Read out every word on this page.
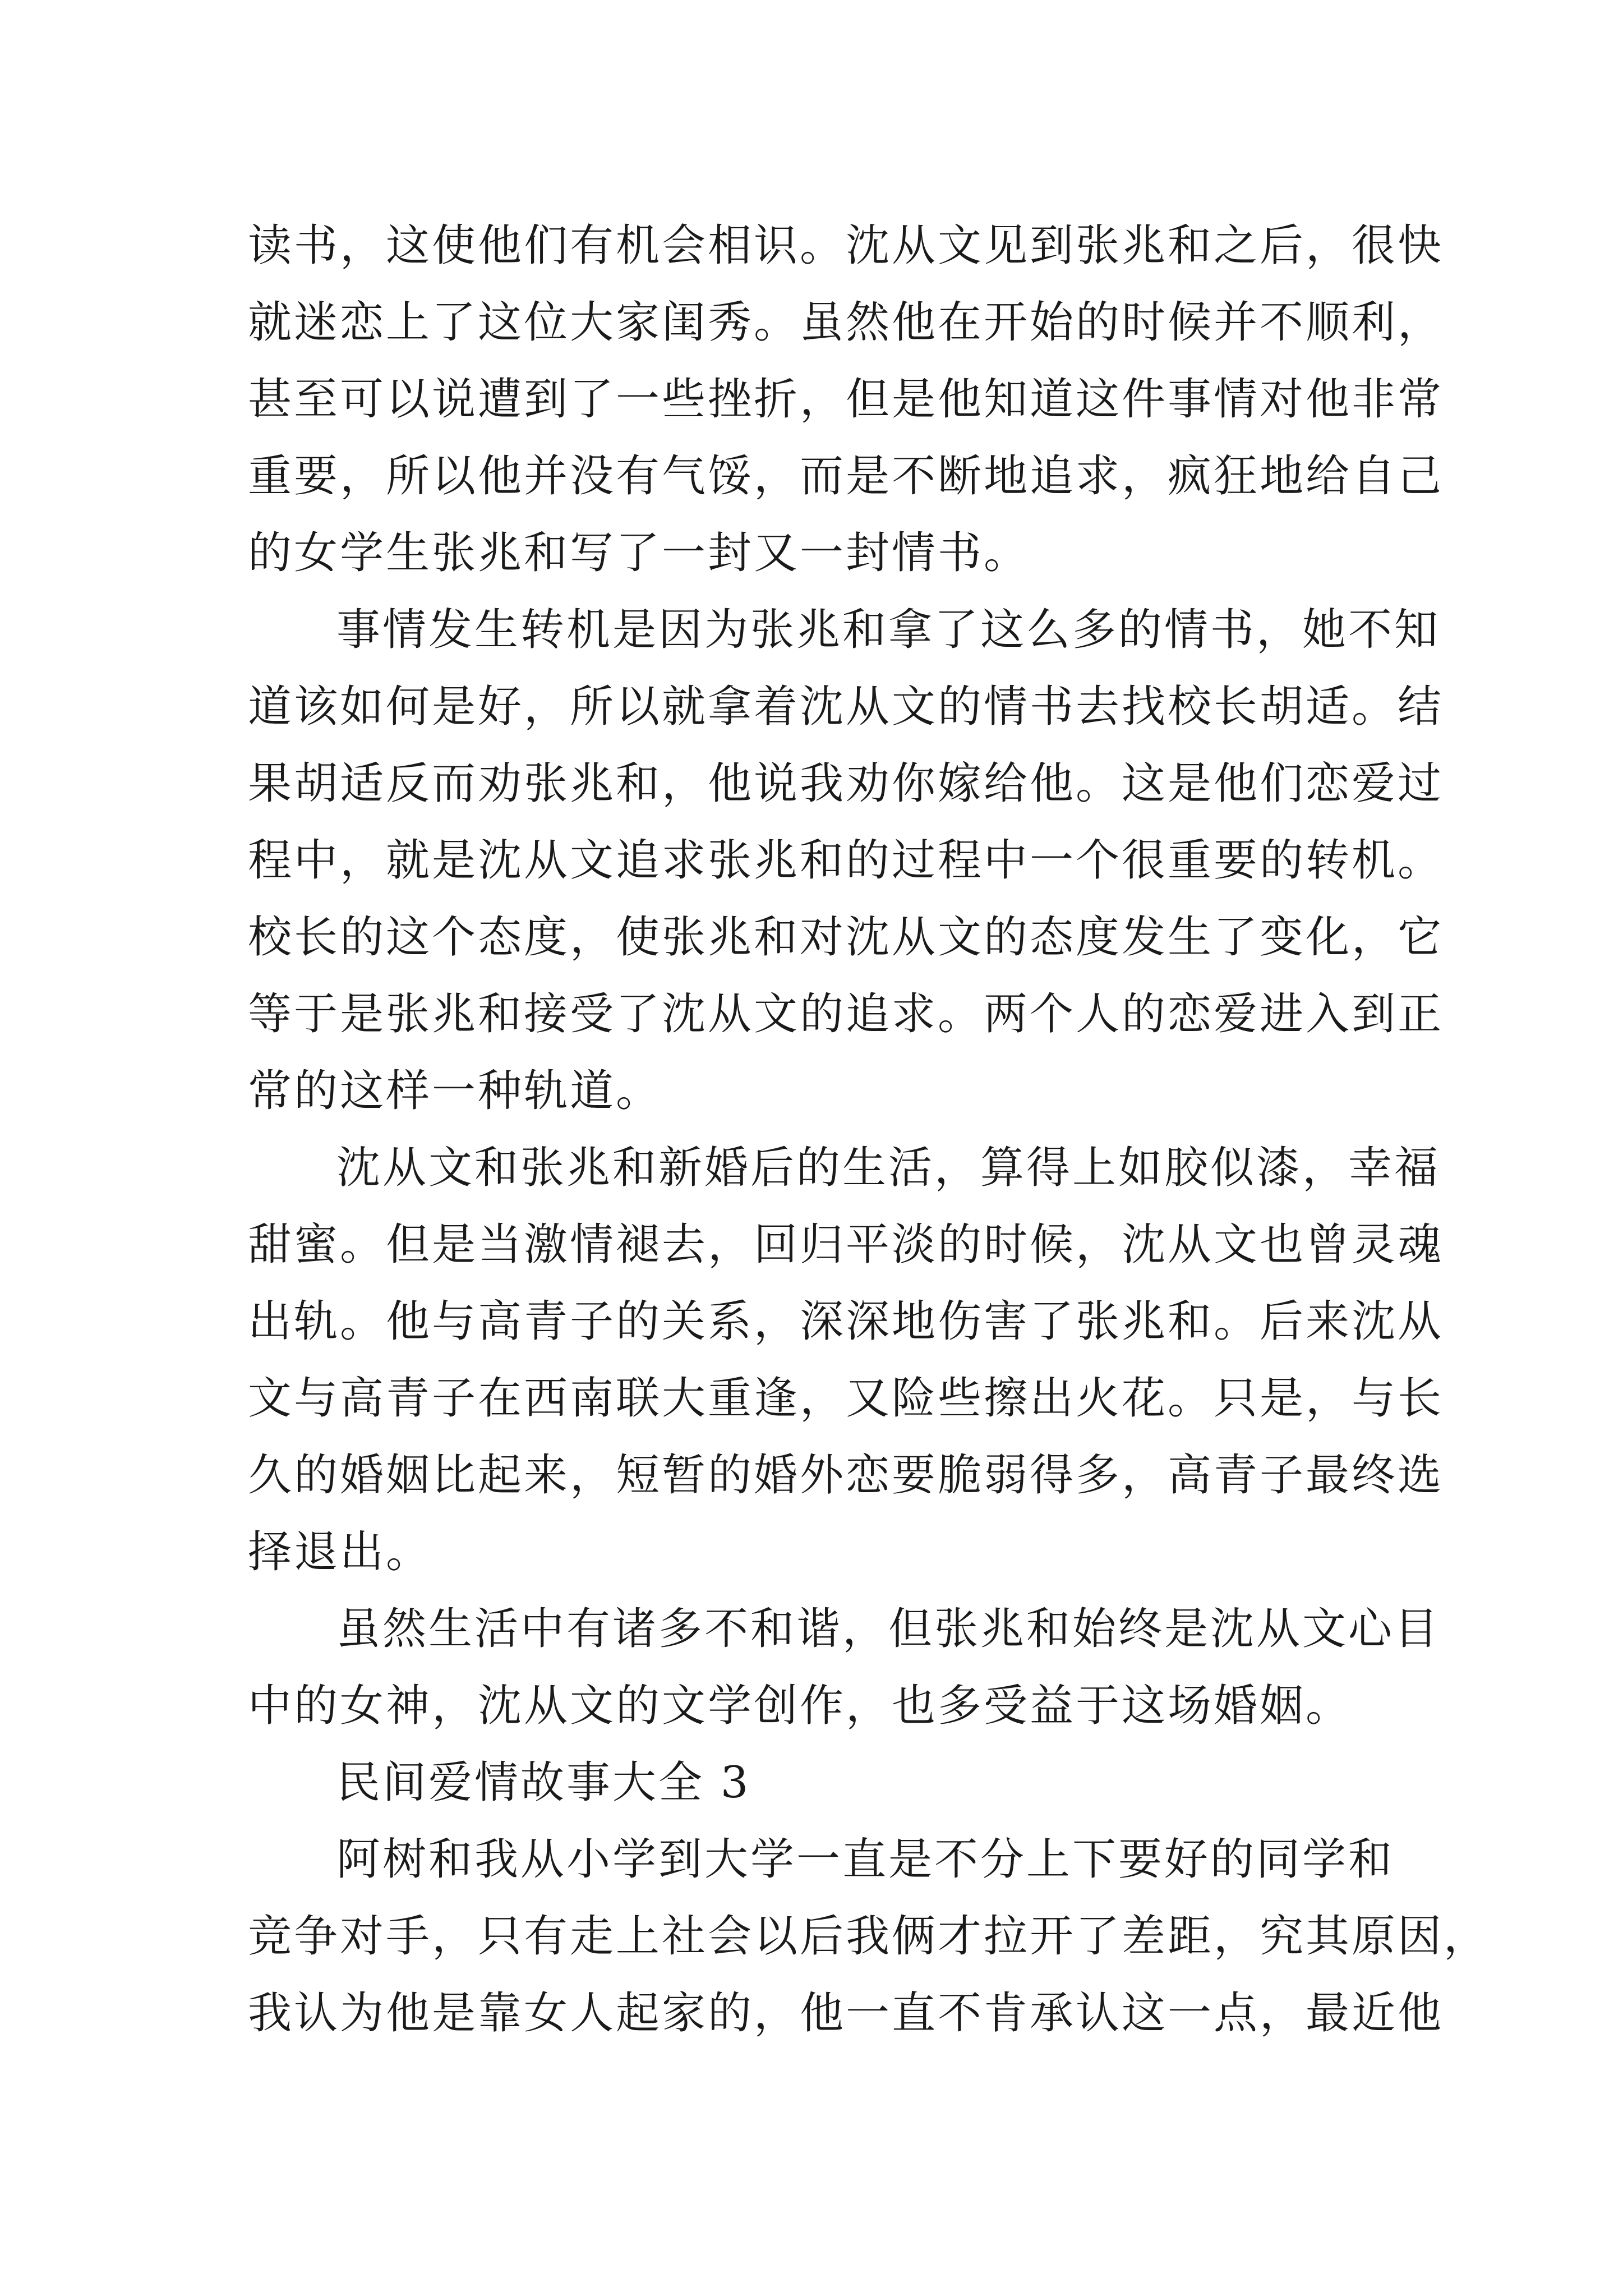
读书，这使他们有机会相识。沈从文见到张兆和之后，很快
就迷恋上了这位大家闺秀。虽然他在开始的时候并不顺利，
甚至可以说遭到了一些挫折，但是他知道这件事情对他非常
重要，所以他并没有气馁，而是不断地追求，疯狂地给自己
的女学生张兆和写了一封又一封情书。
事情发生转机是因为张兆和拿了这么多的情书，她不知
道该如何是好，所以就拿着沈从文的情书去找校长胡适。结
果胡适反而劝张兆和，他说我劝你嫁给他。这是他们恋爱过
程中，就是沈从文追求张兆和的过程中一个很重要的转机。
校长的这个态度，使张兆和对沈从文的态度发生了变化，它
等于是张兆和接受了沈从文的追求。两个人的恋爱进入到正
常的这样一种轨道。
沈从文和张兆和新婚后的生活，算得上如胶似漆，幸福
甜蜜。但是当激情褪去，回归平淡的时候，沈从文也曾灵魂
出轨。他与高青子的关系，深深地伤害了张兆和。后来沈从
文与高青子在西南联大重逢，又险些擦出火花。只是，与长
久的婚姻比起来，短暂的婚外恋要脆弱得多，高青子最终选
择退出。
虽然生活中有诸多不和谐，但张兆和始终是沈从文心目
中的女神，沈从文的文学创作，也多受益于这场婚姻。
民间爱情故事大全 3
阿树和我从小学到大学一直是不分上下要好的同学和
竞争对手，只有走上社会以后我俩才拉开了差距，究其原因，
我认为他是靠女人起家的，他一直不肯承认这一点，最近他
